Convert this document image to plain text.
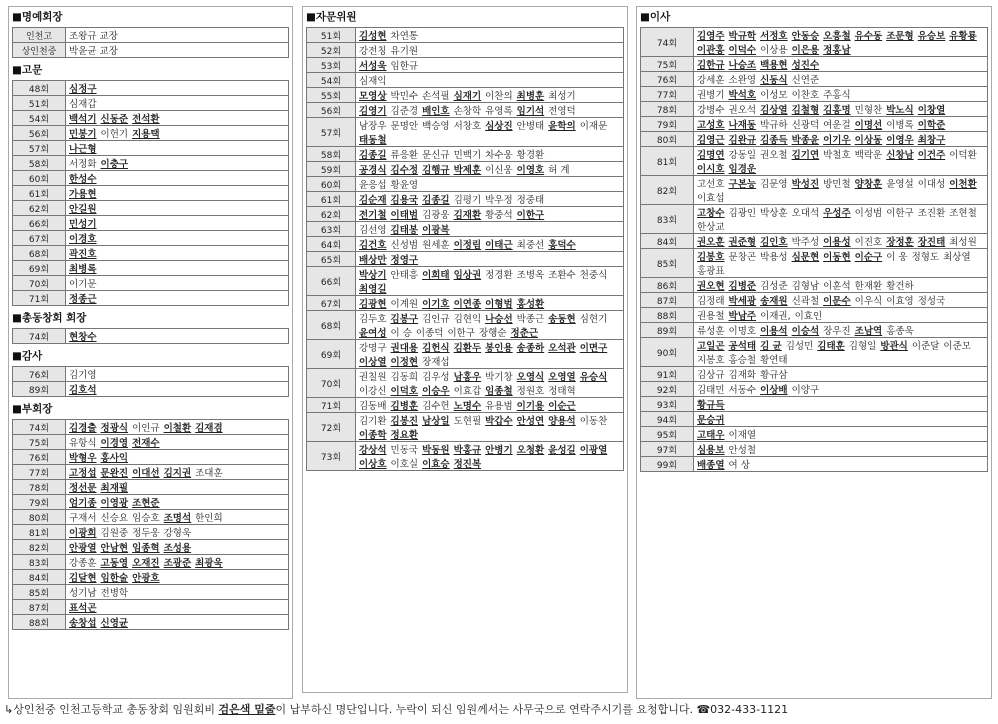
■명예회장
인천고	조왕규 교장
상인천중	박윤균 교장
■고문
48회	심정구
51회	심재갑
54회	백석기 신동준 전석환
56회	민봉기 이헌기 지용택
57회	나근형
58회	서정화 이충구
60회	한성수
61회	가용현
62회	안길원
66회	민성기
67회	이경호
68회	곽진호
69회	최병록
70회	이기문
71회	정종근
■총동창회 회장
74회	현창수
■감사
76회	김기영
89회	김호석
■부회장
74회	김경출 정광식 이인규 이철환 김재겸
75회	유항식 이경영 전재수
76회	박형우 홍사익
77회	고정섭 문완진 이대선 김지권 조대훈
78회	정선문 최재필
79회	엄기종 이영광 조현준
80회	구재서 신승요 임승호 조명석 한인희
81회	이광희 김원중 정두웅 강형욱
82회	안광열 안남현 임종혁 조성용
83회	강종훈 고동영 오재진 조광준 최광욱
84회	김달현 임한술 안광호
85회	성기남 전병학
87회	표석곤
88회	송창섭 신영균
■자문위원
51회	김성현 차연통
52회	강전칭 유기원
53회	서성욱 임한규
54회	심재익
55회	모영상 박민수 손석필 심재기 이찬의 최병훈 최성기
56회	김영기 김준경 배인호 손창학 유영록 임기석 전영덕
57회	남장우 문명안 백승영 서창호 심상진 안병태 윤학의 이재문태동철
58회	김종길 류응환 문신규 민백기 차수웅 황경환
59회	공경식 김수정 김행규 박제훈 이신웅 이영호 허 계
60회	윤응섭 황윤영
61회	김순재 김용국 김종길 김평기 박우정 정중태
62회	전기철 이태범 김광웅 김재환 황중석 이한구
63회	김선영 김태봉 이광복
64회	김건호 신성범 원세훈 이정림 이태근 최중선 홍덕수
65회	배상만 정영구
66회	박상기 안태흥 이희태 임상권 정경환 조병옥 조환수 천중식최영길
67회	김광현 이계원 이기호 이연종 이형범 홍성환
68회	김두호 김봉구 김인규 김현익 나승선 박종근 송동현 심현기윤여성 이 승 이종덕 이한구 장행순 정춘근
69회	강명구 권대용 김헌식 김환두 봉인용 송종하 오석관 이면구이상열 이정현 장재섭
70회	권칠원 김동희 김우성 남홍우 박기창 오영식 오영열 유승식이강신 이덕호 이승우 이효갑 임종철 정원호 정태혁
71회	김동배 김병훈 김수헌 노명수 유용범 이기용 이순근
72회	김기환 김봉진 남상일 도현필 박갑수 안성연 양용석 이동찬이종학 정요환
73회	강상석 민동국 박동원 박홍규 안병기 오청환 윤성길 이광열이상호 이호실 이효승 정진복
■이사
74회	김영주 박규학 서정호 안동승 오흥철 유수동 조문형 유승보 유황룡이관홍 이덕수 이상용 이은용 정홍남
75회	김한규 나승조 백용현 성진수
76회	강세훈 소완영 신동식 신연준
77회	권병기 박석호 이성모 이찬호 주홍식
78회	강병수 권오석 김상열 김철형 김홍명 민형찬 박노식 이창열
79회	고성호 나재동 박규하 신광덕 여운걸 이명선 이병록 이학준
80회	김영근 김완규 김종득 박종윤 이기우 이상동 이영우 최창구
81회	김명연 강동일 권오철 김기연 박철호 백락운 신창남 이건주 이덕환이시호 임경운
82회	고선호 구본능 김문영 박성진 방민철 양창훈 윤영설 이대성 이천환이효섭
83회	고창수 김광인 박상훈 오대석 우성주 이성범 이한구 조진환 조현철한상교
84회	권오훈 권준형 김인호 박주성 이용성 이진호 장정훈 장진태 최성원
85회	김봉호 문창곤 박용성 심문현 이동현 이순구 이 웅 정형도 최상열홍광표
86회	권오현 김병준 김성준 김형남 이훈석 한재환 황건하
87회	김정래 박세광 송재원 신곽철 이문수 이우식 이효영 정성국
88회	권용철 박남주 이재권, 이효인
89회	류성훈 이명호 이용석 이승석 장우진 조남역 홍종욱
90회	고일곤 공석태 김 균 김성민 김태훈 김형일 방관식 이준달 이준모지봉호 홍승철 황연태
91회	김상규 김재화 황규삼
92회	김태민 서동수 이상배 이양구
93회	황규득
94회	문승귀
95회	고태우 이재열
97회	심용보 안성철
99회	배종열 여 상
↳상인천중 인천고등학교 총동창회 임원회비 검은색 밑줄이 납부하신 명단입니다. 누락이 되신 임원께서는 사무국으로 연락주시기를 요청합니다. ☎032-433-1121
